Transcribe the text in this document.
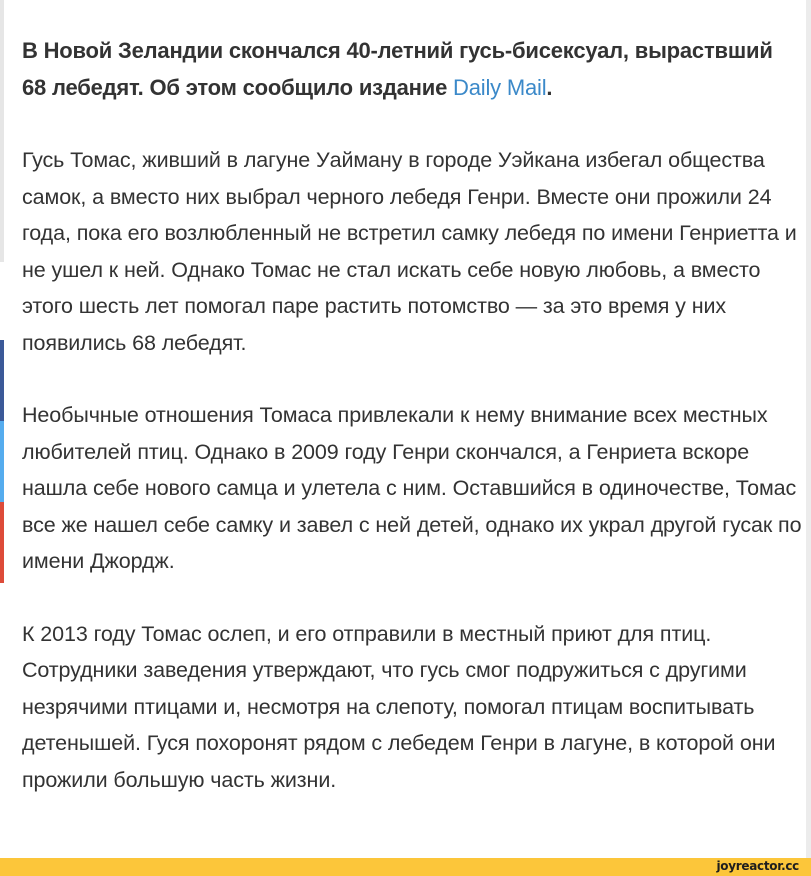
В Новой Зеландии скончался 40-летний гусь-бисексуал, выраствший 68 лебедят. Об этом сообщило издание Daily Mail.

Гусь Томас, живший в лагуне Уайману в городе Уэйкана избегал общества самок, а вместо них выбрал черного лебедя Генри. Вместе они прожили 24 года, пока его возлюбленный не встретил самку лебедя по имени Генриетта и не ушел к ней. Однако Томас не стал искать себе новую любовь, а вместо этого шесть лет помогал паре растить потомство — за это время у них появились 68 лебедят.

Необычные отношения Томаса привлекали к нему внимание всех местных любителей птиц. Однако в 2009 году Генри скончался, а Генриета вскоре нашла себе нового самца и улетела с ним. Оставшийся в одиночестве, Томас все же нашел себе самку и завел с ней детей, однако их украл другой гусак по имени Джордж.

К 2013 году Томас ослеп, и его отправили в местный приют для птиц. Сотрудники заведения утверждают, что гусь смог подружиться с другими незрячими птицами и, несмотря на слепоту, помогал птицам воспитывать детенышей. Гуся похоронят рядом с лебедем Генри в лагуне, в которой они прожили большую часть жизни.

joyreactor.cc
